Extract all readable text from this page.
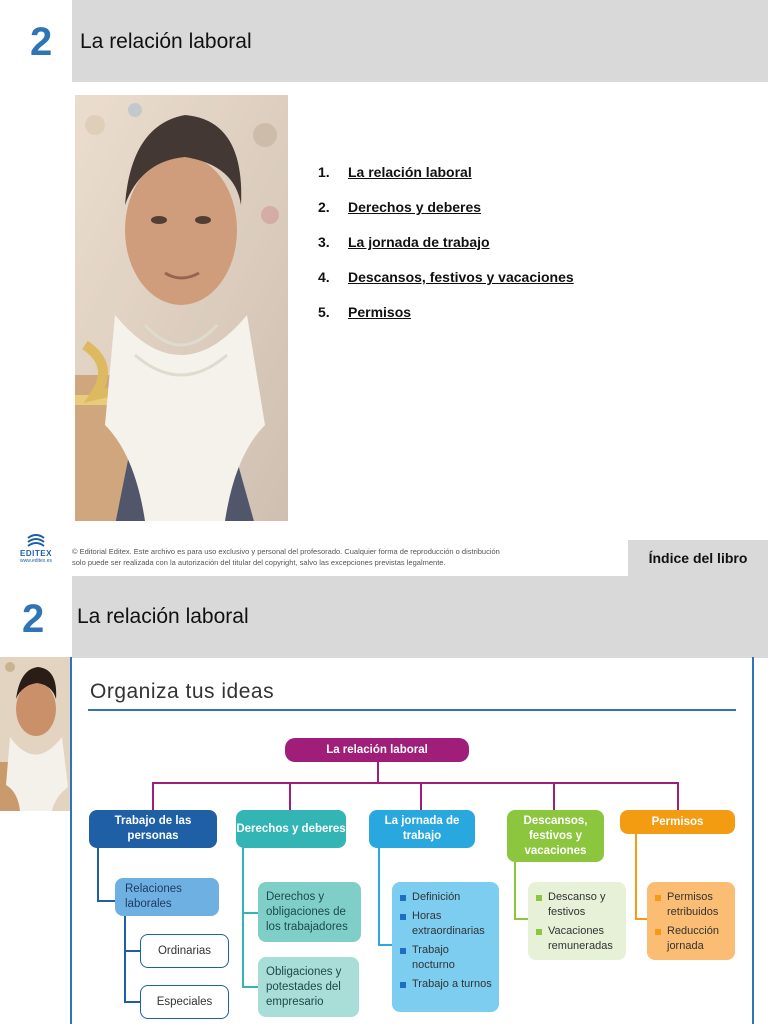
2 La relación laboral
1.	La relación laboral
2.	Derechos y deberes
3.	La jornada de trabajo
4.	Descansos, festivos y vacaciones
5.	Permisos
EDITEX
www.editex.es
© Editorial Editex. Este archivo es para uso exclusivo y personal del profesorado. Cualquier forma de reproducción o distribución
solo puede ser realizada con la autorización del titular del copyright, salvo las excepciones previstas legalmente.	Índice del libro
2 La relación laboral
Organiza tus ideas
La relación laboral
Trabajo de las personas
Derechos y deberes
La jornada de trabajo
Descansos, festivos y vacaciones
Permisos
Relaciones laborales
Ordinarias
Especiales
Derechos y obligaciones de los trabajadores
Obligaciones y potestades del empresario
Definición
Horas extraordinarias
Trabajo nocturno
Trabajo a turnos
Descanso y festivos
Vacaciones remuneradas
Permisos retribuidos
Reducción jornada
